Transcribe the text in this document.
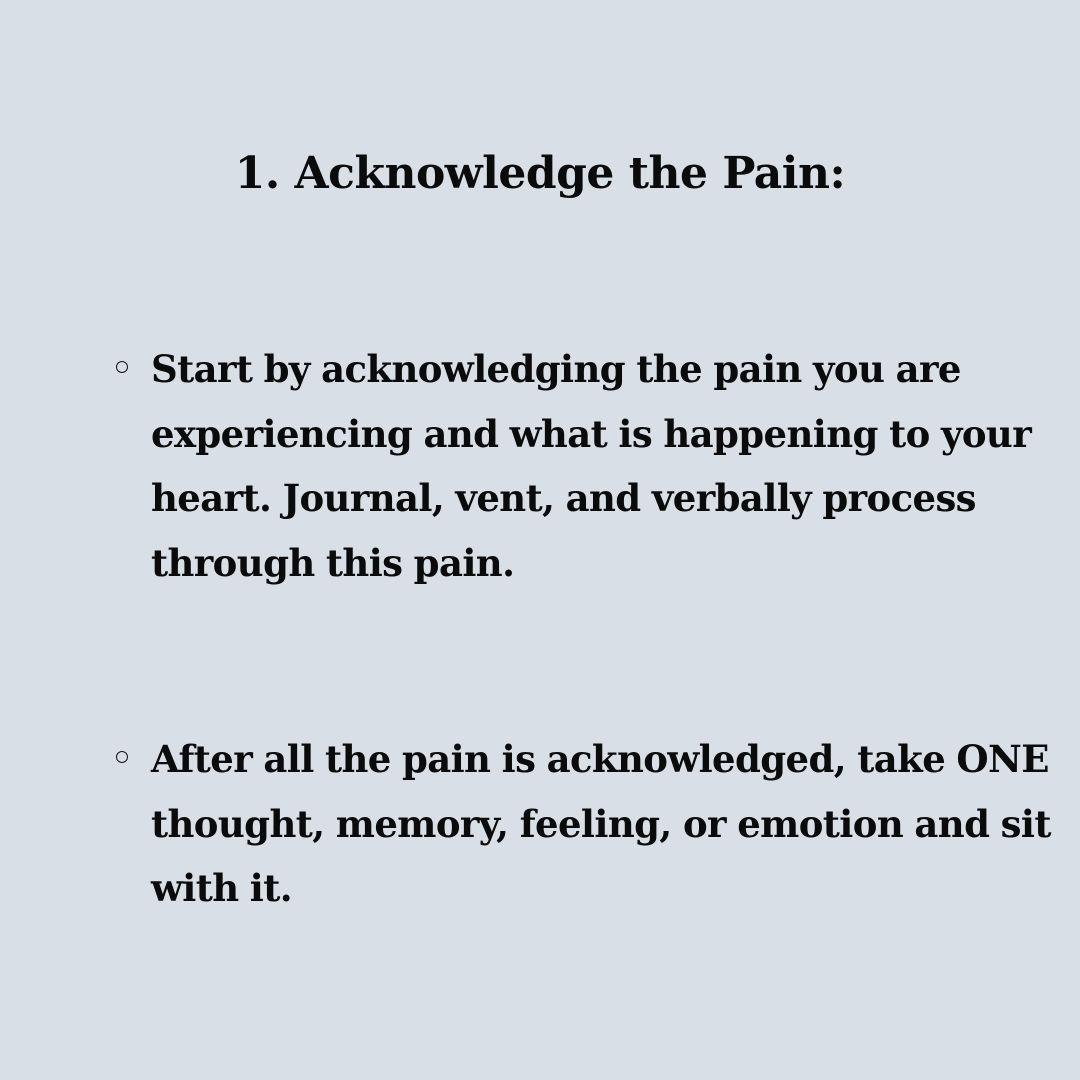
1. Acknowledge the Pain:
Start by acknowledging the pain you are
experiencing and what is happening to your
heart. Journal, vent, and verbally process
through this pain.
After all the pain is acknowledged, take ONE
thought, memory, feeling, or emotion and sit
with it.
